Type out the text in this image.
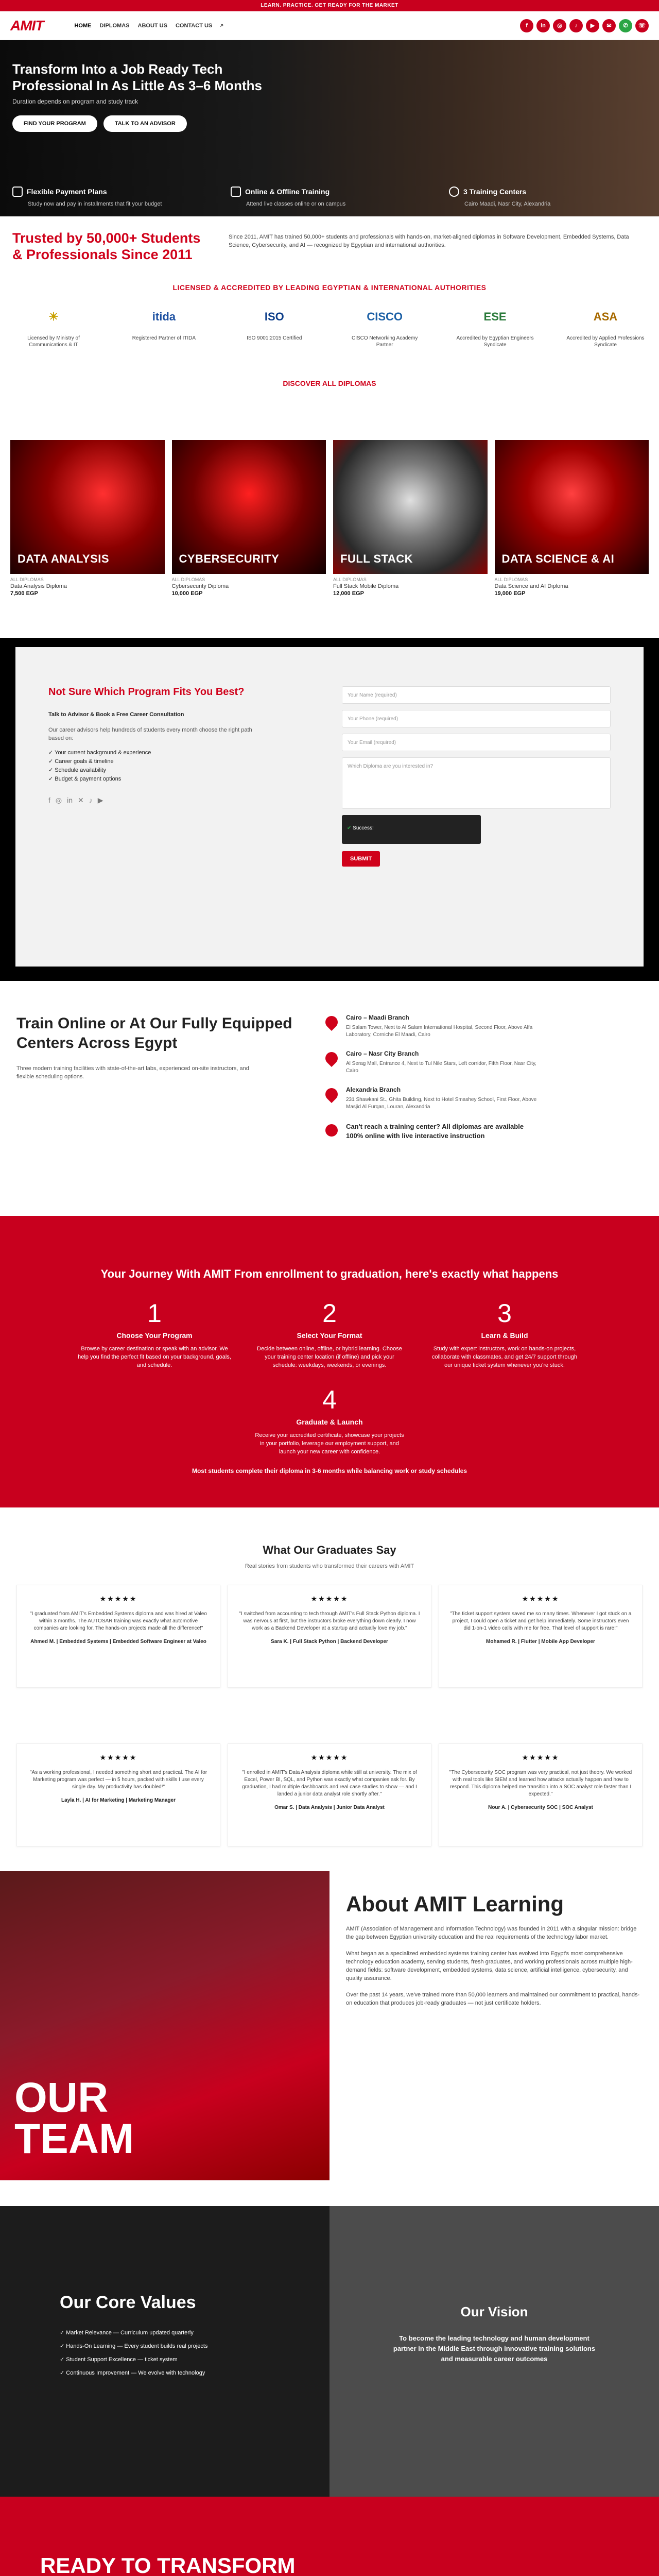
LEARN. PRACTICE. GET READY FOR THE MARKET
AMIT	HOME DIPLOMAS ABOUT US CONTACT US ⌕	f	in	◎	♪	▶	✉	✆	☏
Transform Into a Job Ready Tech Professional In As Little As 3–6 Months
Duration depends on program and study track
FIND YOUR PROGRAM	TALK TO AN ADVISOR
Flexible Payment Plans
Study now and pay in installments that fit your budget
Online & Offline Training
Attend live classes online or on campus
3 Training Centers
Cairo Maadi, Nasr City, Alexandria
Trusted by 50,000+ Students & Professionals Since 2011

Since 2011, AMIT has trained 50,000+ students and professionals with hands-on, market-aligned diplomas in Software Development, Embedded Systems, Data Science, Cybersecurity, and AI — recognized by Egyptian and international authorities.

LICENSED & ACCREDITED BY LEADING EGYPTIAN & INTERNATIONAL AUTHORITIES
☀
Licensed by Ministry of Communications & IT
itida
Registered Partner of ITIDA
ISO
ISO 9001:2015 Certified
CISCO
CISCO Networking Academy Partner
ESE
Accredited by Egyptian Engineers Syndicate
ASA
Accredited by Applied Professions Syndicate
DISCOVER ALL DIPLOMAS
DATA ANALYSIS
ALL DIPLOMAS
Data Analysis Diploma
7,500 EGP
CYBERSECURITY
ALL DIPLOMAS
Cybersecurity Diploma
10,000 EGP
FULL STACK
ALL DIPLOMAS
Full Stack Mobile Diploma
12,000 EGP
DATA SCIENCE & AI
ALL DIPLOMAS
Data Science and AI Diploma
19,000 EGP
Not Sure Which Program Fits You Best?
Talk to Advisor & Book a Free Career Consultation
Our career advisors help hundreds of students every month choose the right path based on:
✓ Your current background & experience
✓ Career goals & timeline
✓ Schedule availability
✓ Budget & payment options
f ◎ in ✕ ♪ ▶
Your Name (required)
Your Phone (required)
Your Email (required)
Which Diploma are you interested in?
✔ Success!
SUBMIT
Train Online or At Our Fully Equipped Centers Across Egypt
Three modern training facilities with state-of-the-art labs, experienced on-site instructors, and flexible scheduling options.
Cairo – Maadi Branch
El Salam Tower, Next to Al Salam International Hospital, Second Floor, Above Alfa Laboratory, Corniche El Maadi, Cairo
Cairo – Nasr City Branch
Al Serag Mall, Entrance 4, Next to Tul Nile Stars, Left corridor, Fifth Floor, Nasr City, Cairo
Alexandria Branch
231 Shawkani St., Ghita Building, Next to Hotel Smashey School, First Floor, Above Masjid Al Furqan, Louran, Alexandria
Can't reach a training center? All diplomas are available 100% online with live interactive instruction
Your Journey With AMIT From enrollment to graduation, here's exactly what happens
1
Choose Your Program
Browse by career destination or speak with an advisor. We help you find the perfect fit based on your background, goals, and schedule.
2
Select Your Format
Decide between online, offline, or hybrid learning. Choose your training center location (if offline) and pick your schedule: weekdays, weekends, or evenings.
3
Learn & Build
Study with expert instructors, work on hands-on projects, collaborate with classmates, and get 24/7 support through our unique ticket system whenever you're stuck.
4
Graduate & Launch
Receive your accredited certificate, showcase your projects in your portfolio, leverage our employment support, and launch your new career with confidence.
Most students complete their diploma in 3-6 months while balancing work or study schedules
What Our Graduates Say
Real stories from students who transformed their careers with AMIT
★★★★★
"I graduated from AMIT's Embedded Systems diploma and was hired at Valeo within 3 months. The AUTOSAR training was exactly what automotive companies are looking for. The hands-on projects made all the difference!"
Ahmed M. | Embedded Systems | Embedded Software Engineer at Valeo
★★★★★
"I switched from accounting to tech through AMIT's Full Stack Python diploma. I was nervous at first, but the instructors broke everything down clearly. I now work as a Backend Developer at a startup and actually love my job."
Sara K. | Full Stack Python | Backend Developer
★★★★★
"The ticket support system saved me so many times. Whenever I got stuck on a project, I could open a ticket and get help immediately. Some instructors even did 1-on-1 video calls with me for free. That level of support is rare!"
Mohamed R. | Flutter | Mobile App Developer
★★★★★
"As a working professional, I needed something short and practical. The AI for Marketing program was perfect — in 5 hours, packed with skills I use every single day. My productivity has doubled!"
Layla H. | AI for Marketing | Marketing Manager
★★★★★
"I enrolled in AMIT's Data Analysis diploma while still at university. The mix of Excel, Power BI, SQL, and Python was exactly what companies ask for. By graduation, I had multiple dashboards and real case studies to show — and I landed a junior data analyst role shortly after."
Omar S. | Data Analysis | Junior Data Analyst
★★★★★
"The Cybersecurity SOC program was very practical, not just theory. We worked with real tools like SIEM and learned how attacks actually happen and how to respond. This diploma helped me transition into a SOC analyst role faster than I expected."
Nour A. | Cybersecurity SOC | SOC Analyst
OUR TEAM
About AMIT Learning

AMIT (Association of Management and Information Technology) was founded in 2011 with a singular mission: bridge the gap between Egyptian university education and the real requirements of the technology labor market.

What began as a specialized embedded systems training center has evolved into Egypt's most comprehensive technology education academy, serving students, fresh graduates, and working professionals across multiple high-demand fields: software development, embedded systems, data science, artificial intelligence, cybersecurity, and quality assurance.

Over the past 14 years, we've trained more than 50,000 learners and maintained our commitment to practical, hands-on education that produces job-ready graduates — not just certificate holders.

Our Core Values
✓ Market Relevance — Curriculum updated quarterly
✓ Hands-On Learning — Every student builds real projects
✓ Student Support Excellence — ticket system
✓ Continuous Improvement — We evolve with technology
Our Vision

To become the leading technology and human development partner in the Middle East through innovative training solutions and measurable career outcomes

READY TO TRANSFORM
